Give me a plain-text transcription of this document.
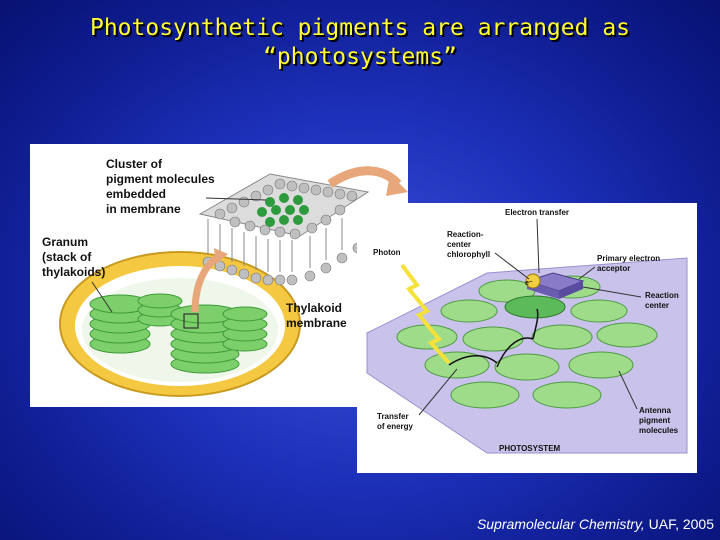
Photosynthetic pigments are arranged as
“photosystems”
Cluster of
pigment molecules
embedded
in membrane
Granum
(stack of
thylakoids)
Thylakoid
membrane
Electron transfer
Photon
Reaction-
center
chlorophyll	Primary electron
acceptor
Reaction
center
Transfer
of energy
Antenna
pigment
molecules
PHOTOSYSTEM
e⁻
Supramolecular Chemistry, UAF, 2005
